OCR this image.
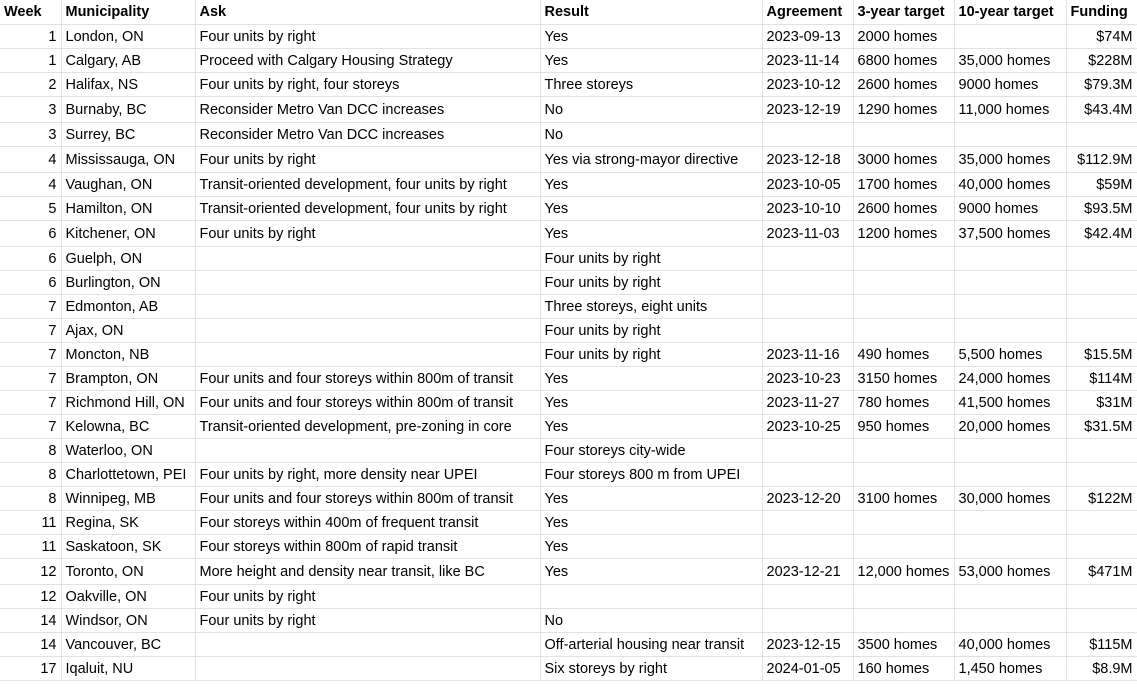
Week	Municipality	Ask	Result	Agreement	3-year target	10-year target	Funding
1	London, ON	Four units by right	Yes	2023-09-13	2000 homes		$74M
1	Calgary, AB	Proceed with Calgary Housing Strategy	Yes	2023-11-14	6800 homes	35,000 homes	$228M
2	Halifax, NS	Four units by right, four storeys	Three storeys	2023-10-12	2600 homes	9000 homes	$79.3M
3	Burnaby, BC	Reconsider Metro Van DCC increases	No	2023-12-19	1290 homes	11,000 homes	$43.4M
3	Surrey, BC	Reconsider Metro Van DCC increases	No				
4	Mississauga, ON	Four units by right	Yes via strong-mayor directive	2023-12-18	3000 homes	35,000 homes	$112.9M
4	Vaughan, ON	Transit-oriented development, four units by right	Yes	2023-10-05	1700 homes	40,000 homes	$59M
5	Hamilton, ON	Transit-oriented development, four units by right	Yes	2023-10-10	2600 homes	9000 homes	$93.5M
6	Kitchener, ON	Four units by right	Yes	2023-11-03	1200 homes	37,500 homes	$42.4M
6	Guelph, ON		Four units by right				
6	Burlington, ON		Four units by right				
7	Edmonton, AB		Three storeys, eight units				
7	Ajax, ON		Four units by right				
7	Moncton, NB		Four units by right	2023-11-16	490 homes	5,500 homes	$15.5M
7	Brampton, ON	Four units and four storeys within 800m of transit	Yes	2023-10-23	3150 homes	24,000 homes	$114M
7	Richmond Hill, ON	Four units and four storeys within 800m of transit	Yes	2023-11-27	780 homes	41,500 homes	$31M
7	Kelowna, BC	Transit-oriented development, pre-zoning in core	Yes	2023-10-25	950 homes	20,000 homes	$31.5M
8	Waterloo, ON		Four storeys city-wide				
8	Charlottetown, PEI	Four units by right, more density near UPEI	Four storeys 800 m from UPEI				
8	Winnipeg, MB	Four units and four storeys within 800m of transit	Yes	2023-12-20	3100 homes	30,000 homes	$122M
11	Regina, SK	Four storeys within 400m of frequent transit	Yes				
11	Saskatoon, SK	Four storeys within 800m of rapid transit	Yes				
12	Toronto, ON	More height and density near transit, like BC	Yes	2023-12-21	12,000 homes	53,000 homes	$471M
12	Oakville, ON	Four units by right					
14	Windsor, ON	Four units by right	No				
14	Vancouver, BC		Off-arterial housing near transit	2023-12-15	3500 homes	40,000 homes	$115M
17	Iqaluit, NU		Six storeys by right	2024-01-05	160 homes	1,450 homes	$8.9M
